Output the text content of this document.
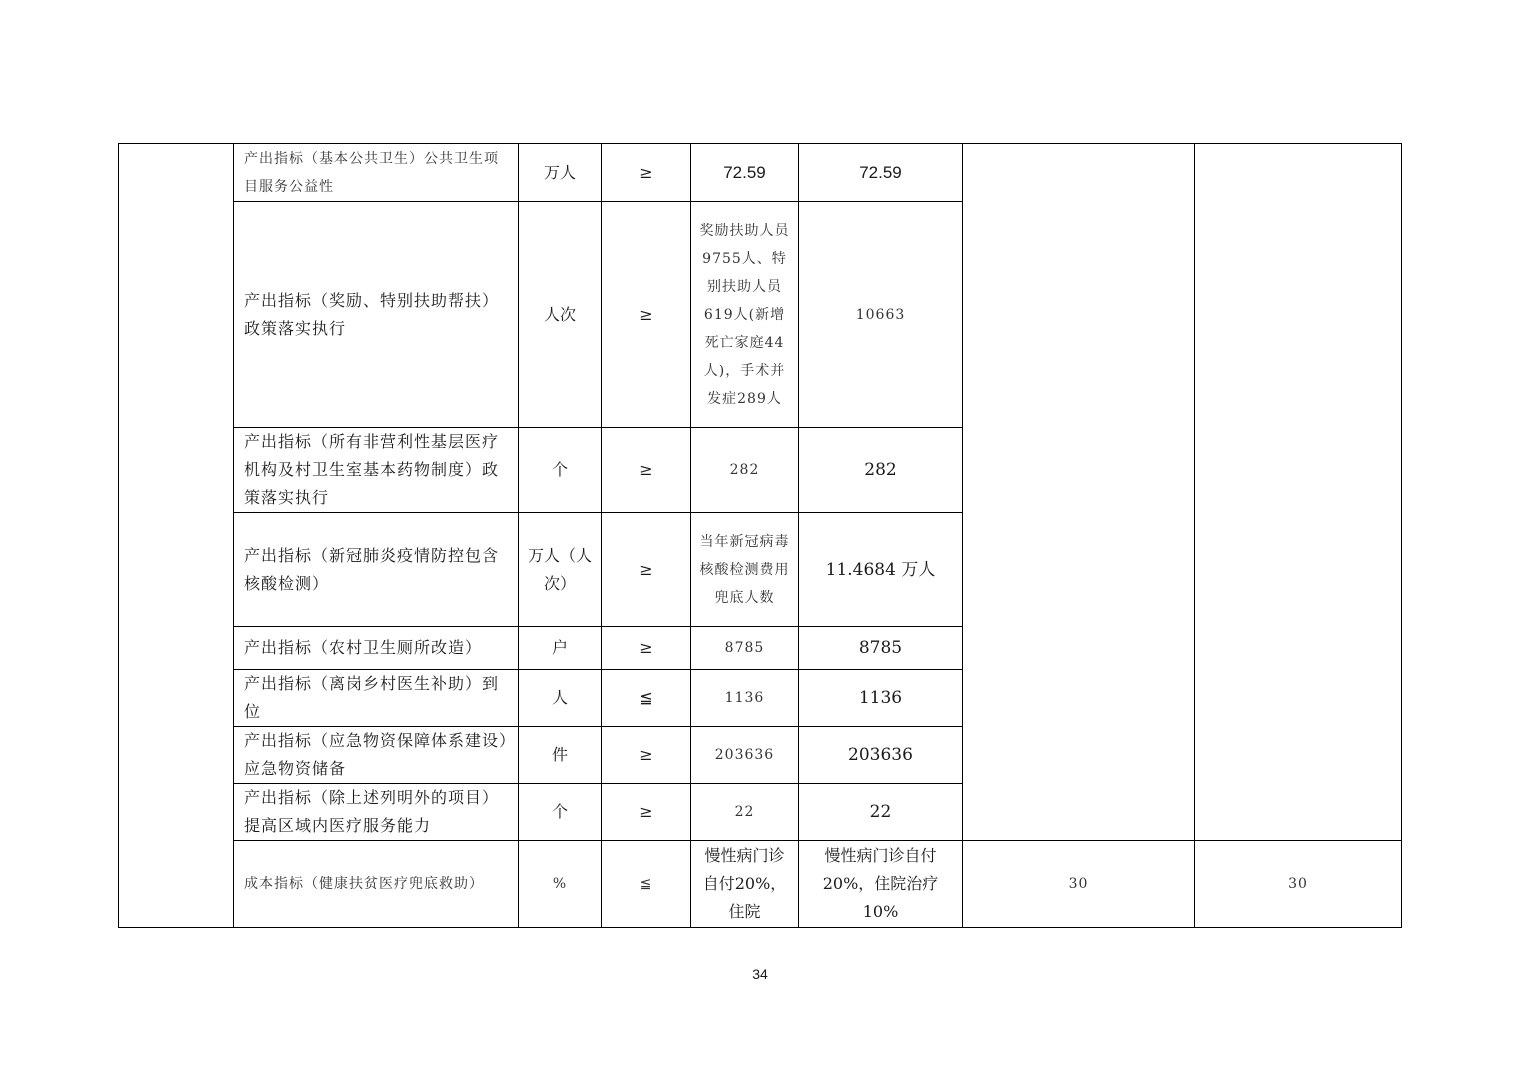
	产出指标（基本公共卫生）公共卫生项目服务公益性	万人	≥	72.59	72.59		
	产出指标（奖励、特别扶助帮扶）政策落实执行	人次	≥	奖励扶助人员9755人、特别扶助人员619人(新增死亡家庭44人)，手术并发症289人	10663		
	产出指标（所有非营利性基层医疗机构及村卫生室基本药物制度）政策落实执行	个	≥	282	282		
	产出指标（新冠肺炎疫情防控包含核酸检测）	万人（人次）	≥	当年新冠病毒核酸检测费用兜底人数	11.4684 万人		
	产出指标（农村卫生厕所改造）	户	≥	8785	8785		
	产出指标（离岗乡村医生补助）到位	人	≦	1136	1136		
	产出指标（应急物资保障体系建设）应急物资储备	件	≥	203636	203636		
	产出指标（除上述列明外的项目）提高区域内医疗服务能力	个	≥	22	22		
	成本指标（健康扶贫医疗兜底救助）	%	≦	慢性病门诊自付20%，住院	慢性病门诊自付20%，住院治疗10%	30	30
34
